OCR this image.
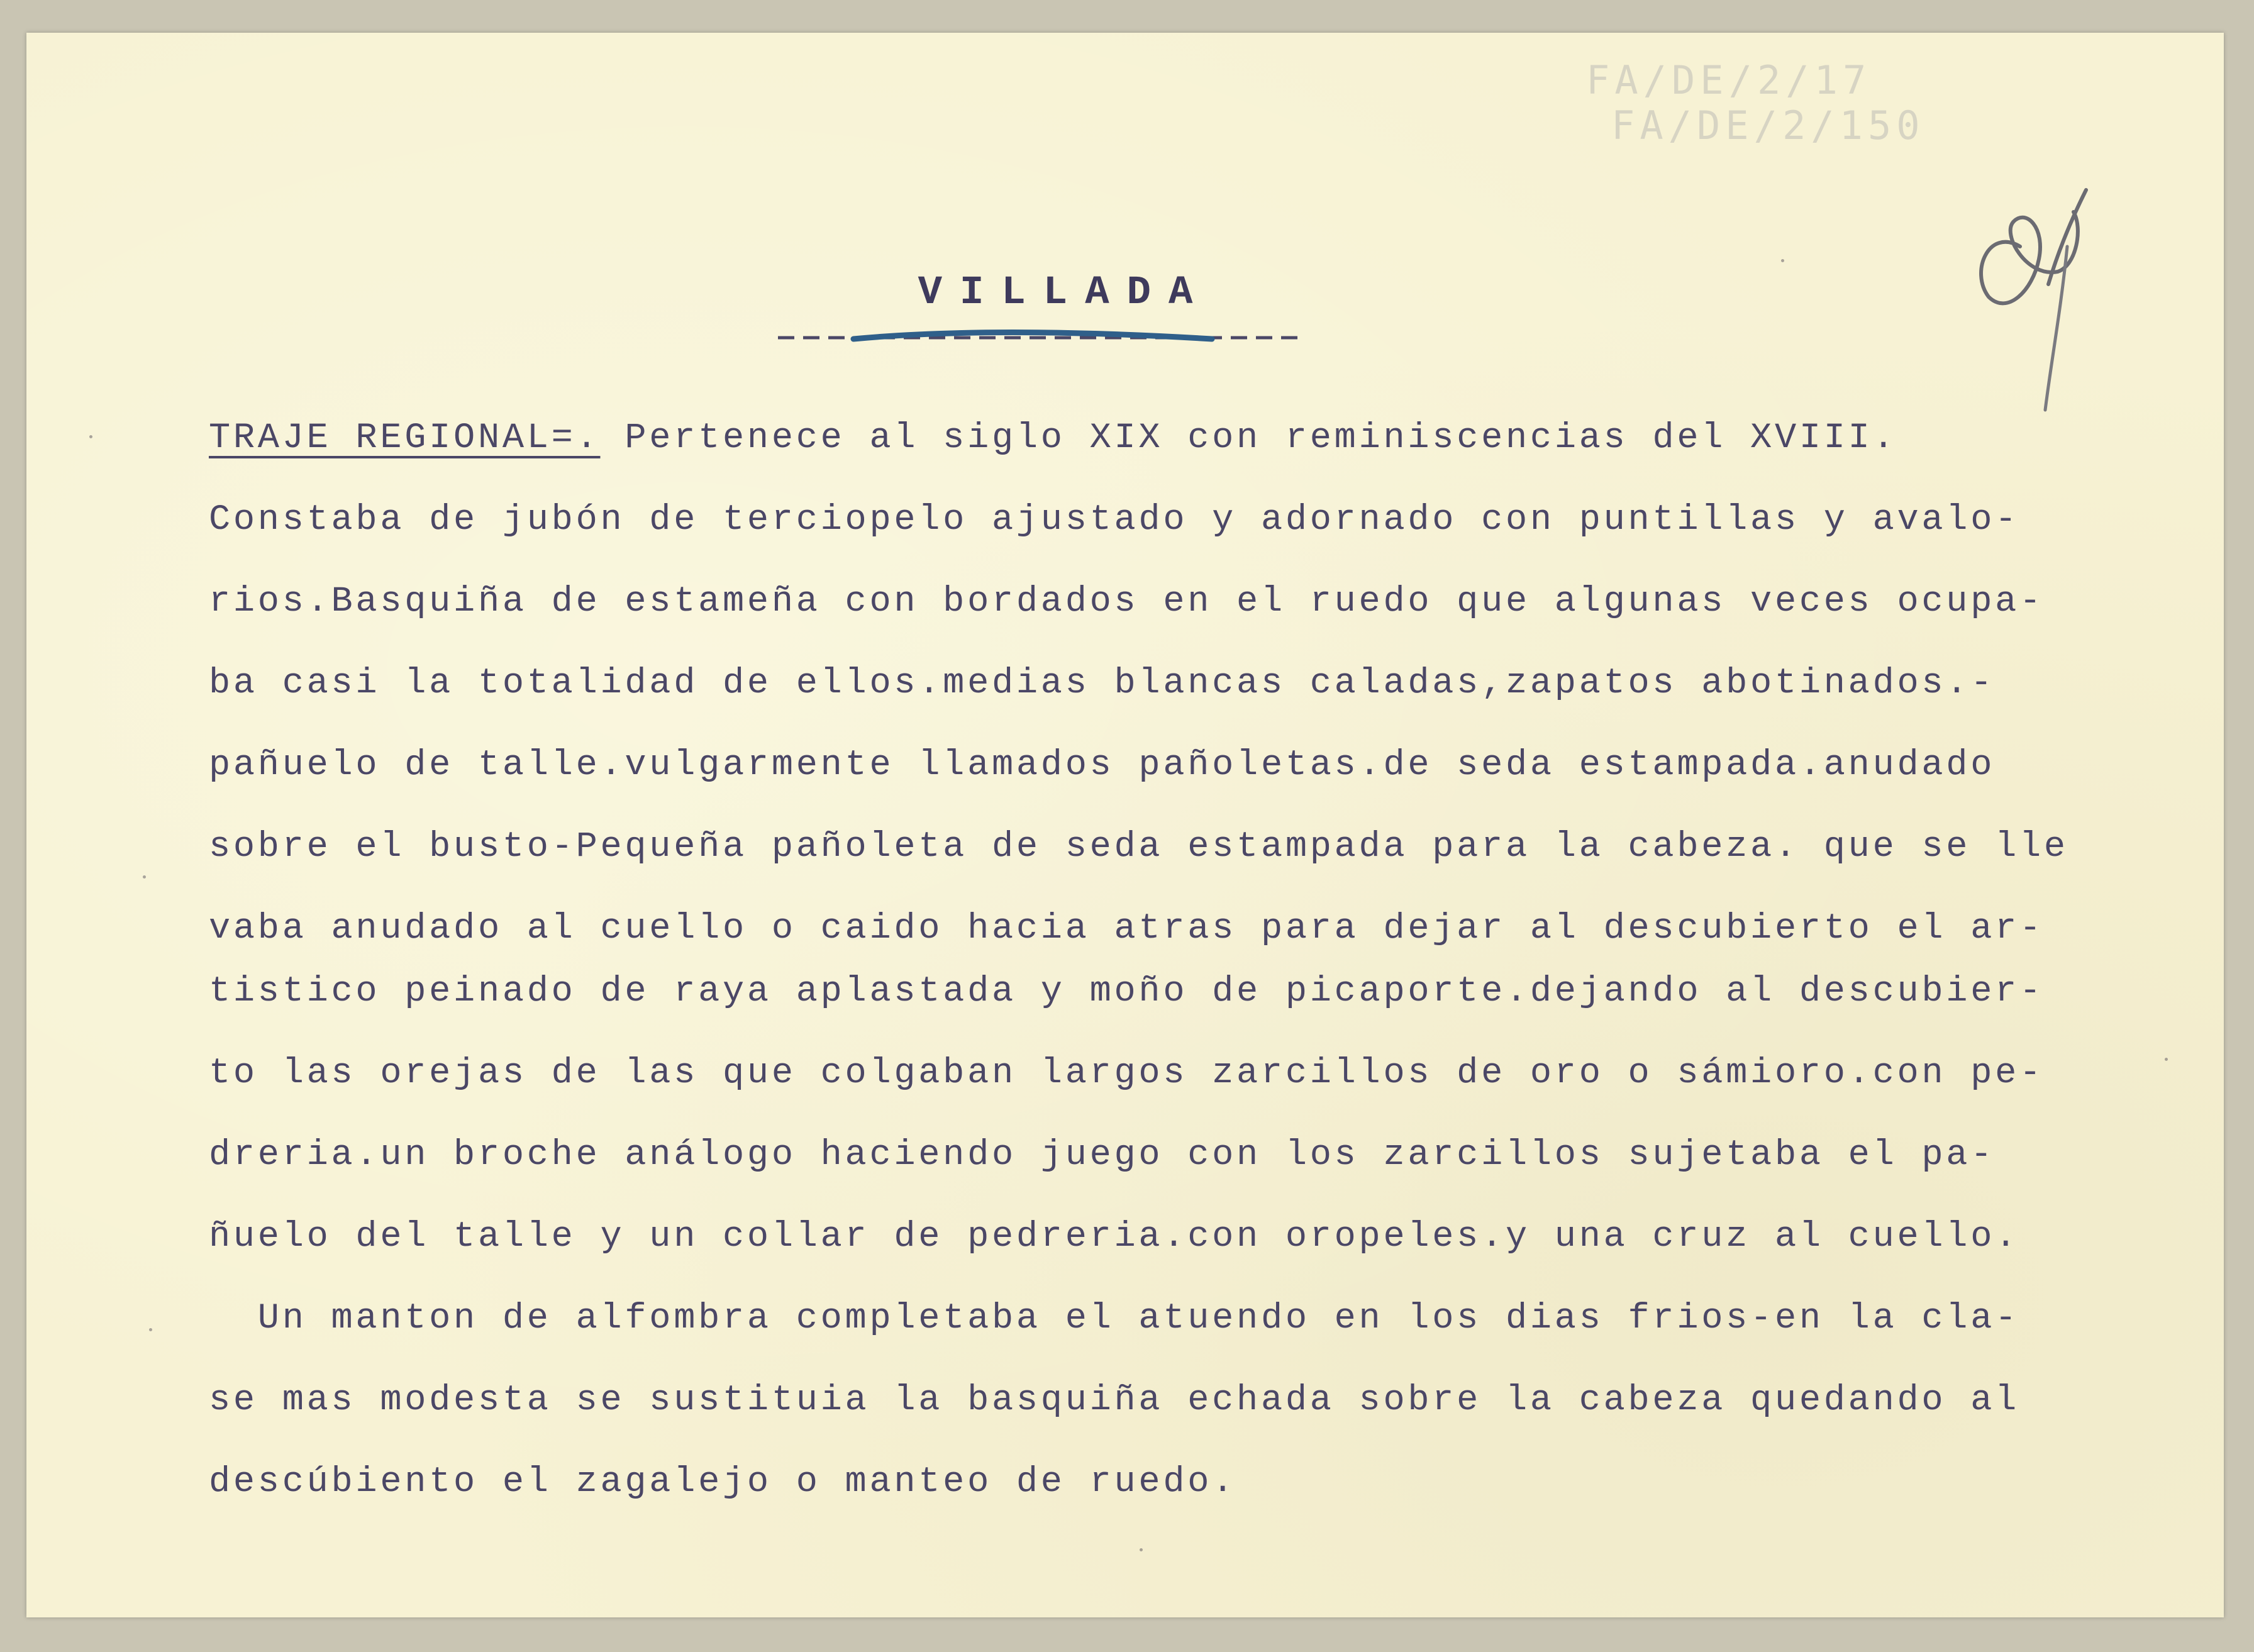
FA/DE/2/17
FA/DE/2/150
VILLADA
TRAJE REGIONAL=. Pertenece al siglo XIX con reminiscencias del XVIII.
Constaba de jubón de terciopelo ajustado y adornado con puntillas y avalo-
rios.Basquiña de estameña con bordados en el ruedo que algunas veces ocupa-
ba casi la totalidad de ellos.medias blancas caladas,zapatos abotinados.-
pañuelo de talle.vulgarmente llamados pañoletas.de seda estampada.anudado
sobre el busto-Pequeña pañoleta de seda estampada para la cabeza. que se lle
vaba anudado al cuello o caido hacia atras para dejar al descubierto el ar-
tistico peinado de raya aplastada y moño de picaporte.dejando al descubier-
to las orejas de las que colgaban largos zarcillos de oro o sámioro.con pe-
dreria.un broche análogo haciendo juego con los zarcillos sujetaba el pa-
ñuelo del talle y un collar de pedreria.con oropeles.y una cruz al cuello.
Un manton de alfombra completaba el atuendo en los dias frios-en la cla-
se mas modesta se sustituia la basquiña echada sobre la cabeza quedando al
descúbiento el zagalejo o manteo de ruedo.
